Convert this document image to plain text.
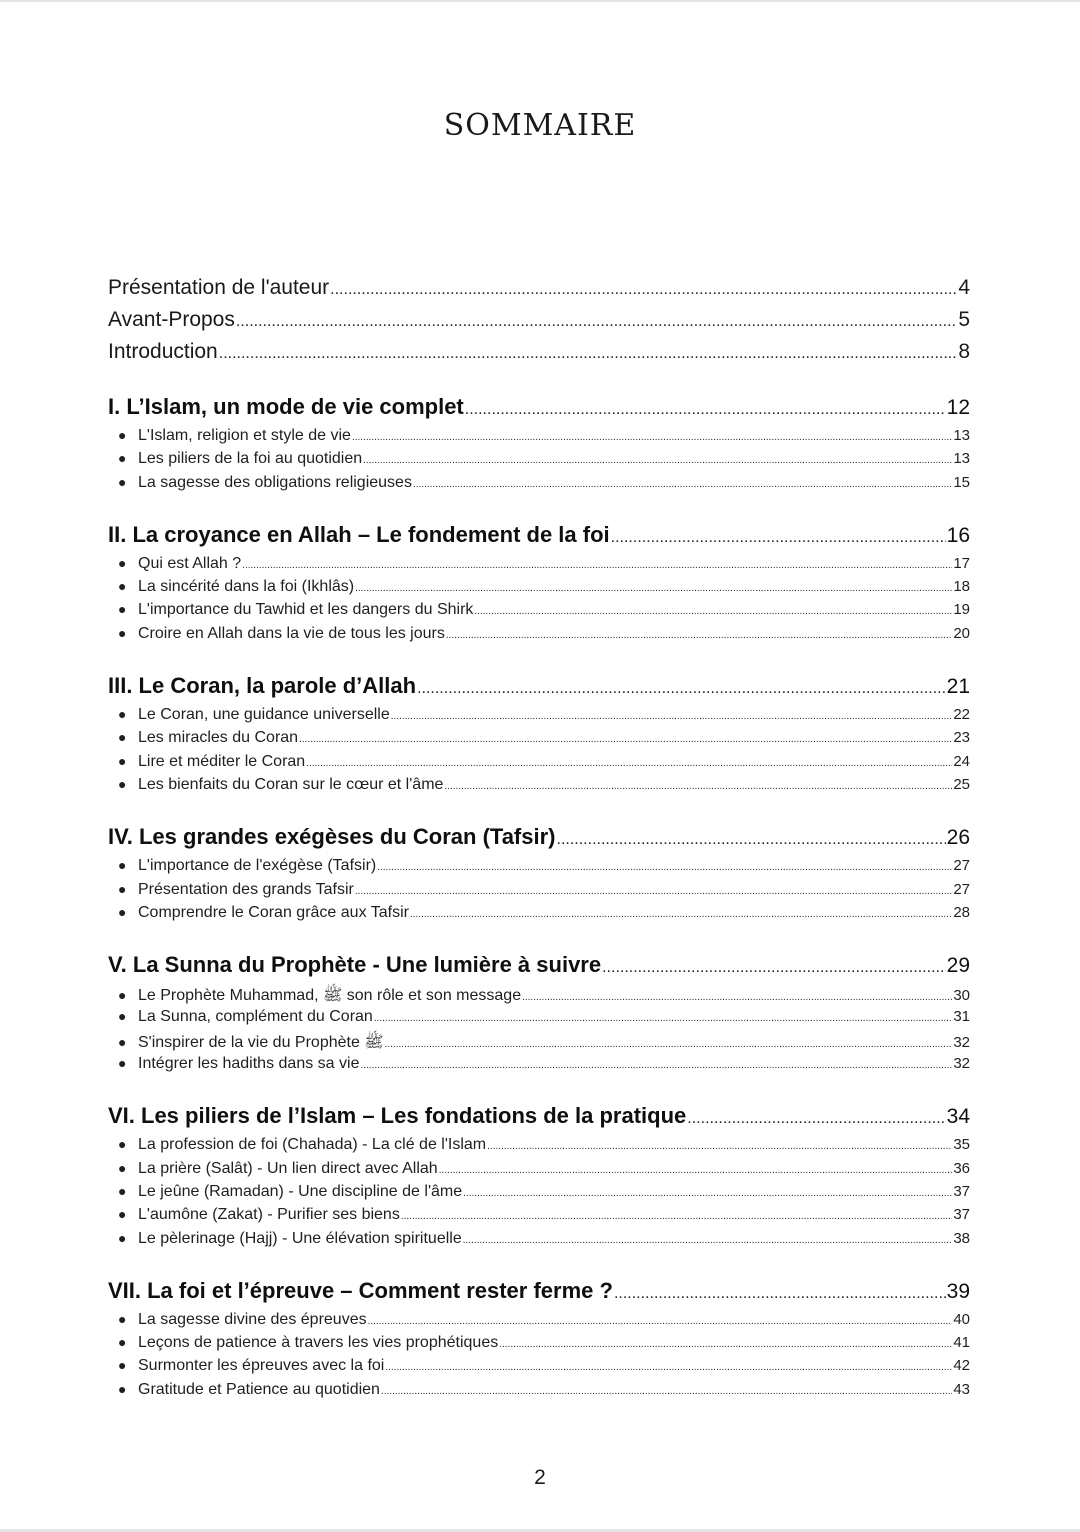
SOMMAIRE
Présentation de l'auteur .....	4
Avant-Propos .....	5
Introduction .....	8
I. L’Islam, un mode de vie complet .....	12
● L'Islam, religion et style de vie .....	13
● Les piliers de la foi au quotidien .....	13
● La sagesse des obligations religieuses .....	15
II. La croyance en Allah – Le fondement de la foi .....	16
● Qui est Allah ? .....	17
● La sincérité dans la foi (Ikhlâs) .....	18
● L'importance du Tawhid et les dangers du Shirk .....	19
● Croire en Allah dans la vie de tous les jours .....	20
III. Le Coran, la parole d’Allah .....	21
● Le Coran, une guidance universelle .....	22
● Les miracles du Coran .....	23
● Lire et méditer le Coran .....	24
● Les bienfaits du Coran sur le cœur et l'âme .....	25
IV. Les grandes exégèses du Coran (Tafsir) .....	26
● L'importance de l'exégèse (Tafsir) .....	27
● Présentation des grands Tafsir .....	27
● Comprendre le Coran grâce aux Tafsir .....	28
V. La Sunna du Prophète - Une lumière à suivre .....	29
● Le Prophète Muhammad, ﷺ son rôle et son message .....	30
● La Sunna, complément du Coran .....	31
● S'inspirer de la vie du Prophète ﷺ .....	32
● Intégrer les hadiths dans sa vie .....	32
VI. Les piliers de l’Islam – Les fondations de la pratique .....	34
● La profession de foi (Chahada) - La clé de l'Islam .....	35
● La prière (Salât) - Un lien direct avec Allah .....	36
● Le jeûne (Ramadan) - Une discipline de l'âme .....	37
● L'aumône (Zakat) - Purifier ses biens .....	37
● Le pèlerinage (Hajj) - Une élévation spirituelle .....	38
VII. La foi et l’épreuve – Comment rester ferme ? .....	39
● La sagesse divine des épreuves .....	40
● Leçons de patience à travers les vies prophétiques .....	41
● Surmonter les épreuves avec la foi .....	42
● Gratitude et Patience au quotidien .....	43
2
